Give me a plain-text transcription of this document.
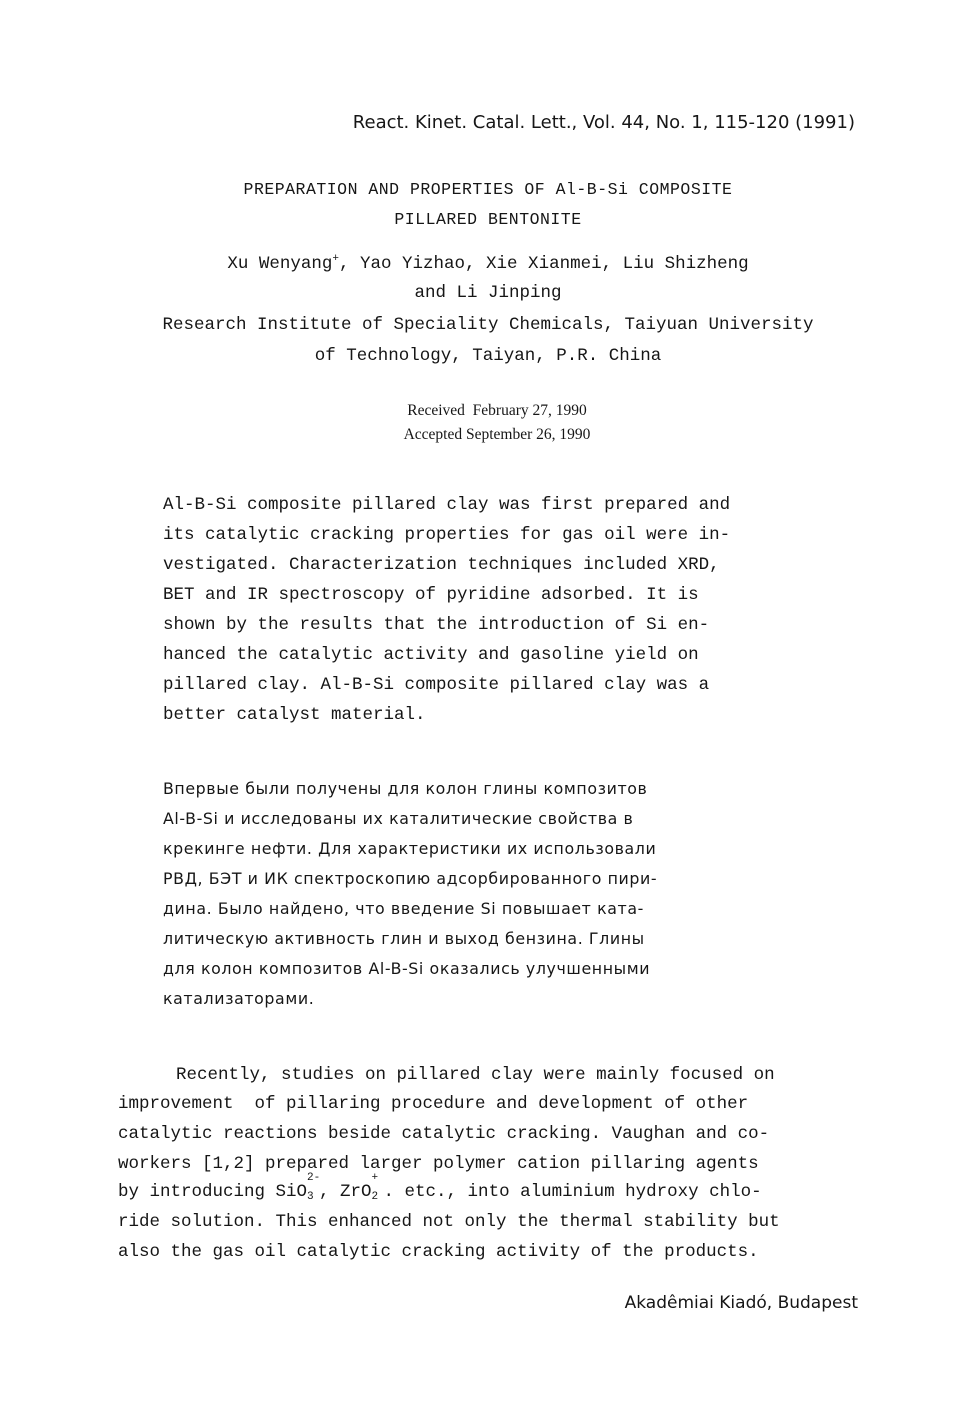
React. Kinet. Catal. Lett., Vol. 44, No. 1, 115-120 (1991)
PREPARATION AND PROPERTIES OF Al-B-Si COMPOSITE
PILLARED BENTONITE
Xu Wenyang+, Yao Yizhao, Xie Xianmei, Liu Shizheng
and Li Jinping
Research Institute of Speciality Chemicals, Taiyuan University
of Technology, Taiyan, P.R. China
Received  February 27, 1990
Accepted September 26, 1990
Al-B-Si composite pillared clay was first prepared and
its catalytic cracking properties for gas oil were in-
vestigated. Characterization techniques included XRD,
BET and IR spectroscopy of pyridine adsorbed. It is
shown by the results that the introduction of Si en-
hanced the catalytic activity and gasoline yield on
pillared clay. Al-B-Si composite pillared clay was a
better catalyst material.
Впервые были получены для колон глины композитов
Al-B-Si и исследованы их каталитические свойства в
крекинге нефти. Для характеристики их использовали
РВД, БЭТ и ИК спектроскопию адсорбированного пири-
дина. Было найдено, что введение Si повышает ката-
литическую активность глин и выход бензина. Глины
для колон композитов Al-B-Si оказались улучшенными
катализаторами.
Recently, studies on pillared clay were mainly focused on
improvement  of pillaring procedure and development of other
catalytic reactions beside catalytic cracking. Vaughan and co-
workers [1,2] prepared larger polymer cation pillaring agents
by introducing SiO
2-
3 , ZrO
+
2 . etc., into aluminium hydroxy chlo-
ride solution. This enhanced not only the thermal stability but
also the gas oil catalytic cracking activity of the products.
Akadêmiai Kiadó, Budapest
